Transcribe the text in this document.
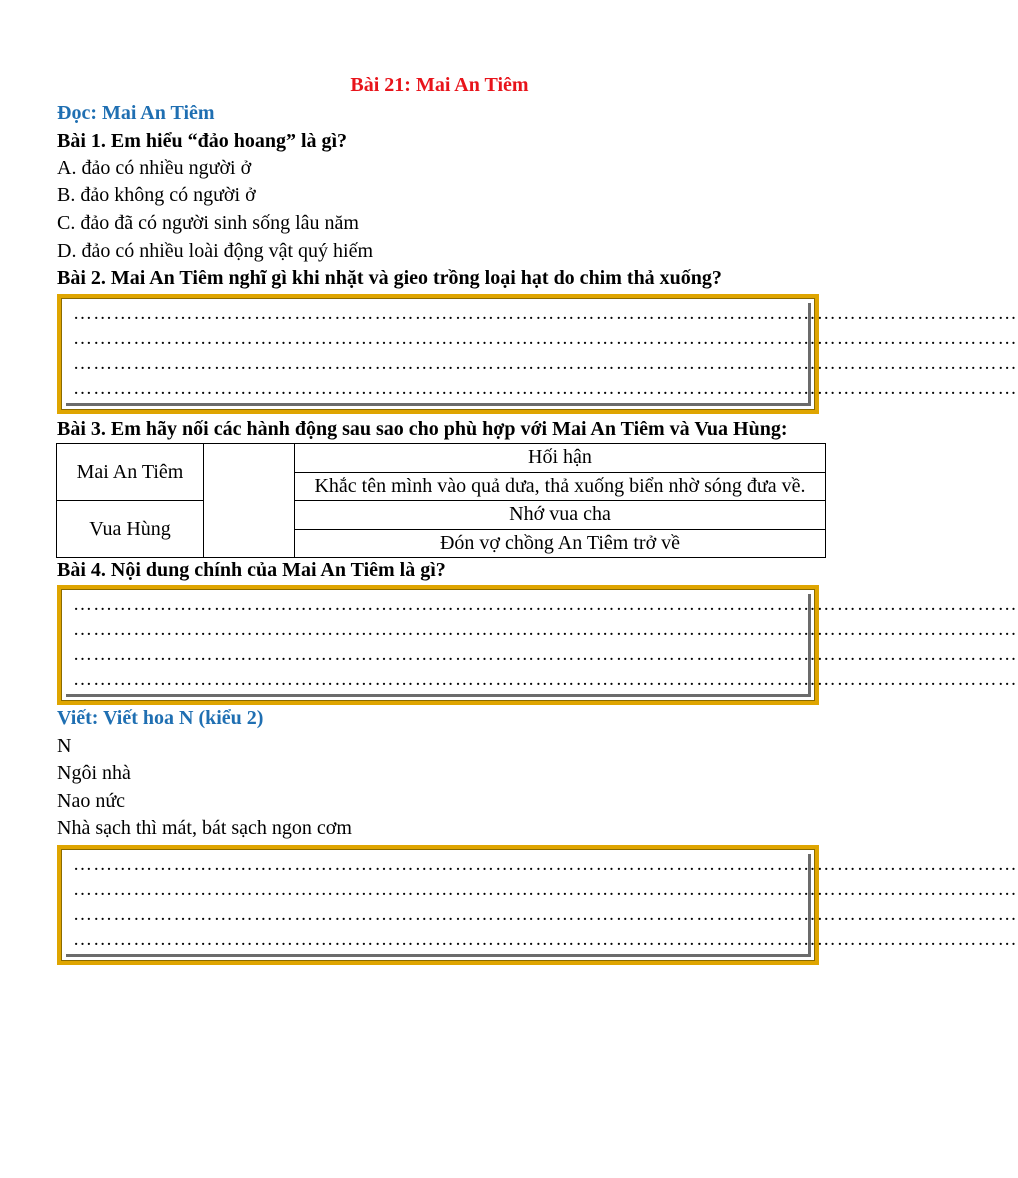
Bài 21: Mai An Tiêm
Đọc: Mai An Tiêm
Bài 1. Em hiểu “đảo hoang” là gì?
A. đảo có nhiều người ở
B. đảo không có người ở
C. đảo đã có người sinh sống lâu năm
D. đảo có nhiều loài động vật quý hiếm
Bài 2. Mai An Tiêm nghĩ gì khi nhặt và gieo trồng loại hạt do chim thả xuống?
……………………………………………………………………………………………………………………………
……………………………………………………………………………………………………………………………
……………………………………………………………………………………………………………………………
……………………………………………………………………………………………………………………………
Bài 3. Em hãy nối các hành động sau sao cho phù hợp với Mai An Tiêm và Vua Hùng:
Mai An Tiêm		Hối hận
		Khắc tên mình vào quả dưa, thả xuống biển nhờ sóng đưa về.
Vua Hùng		Nhớ vua cha
		Đón vợ chồng An Tiêm trở về
Bài 4. Nội dung chính của Mai An Tiêm là gì?
……………………………………………………………………………………………………………………………
……………………………………………………………………………………………………………………………
……………………………………………………………………………………………………………………………
……………………………………………………………………………………………………………………………
Viết: Viết hoa N (kiểu 2)
N
Ngôi nhà
Nao nức
Nhà sạch thì mát, bát sạch ngon cơm
……………………………………………………………………………………………………………………………
……………………………………………………………………………………………………………………………
……………………………………………………………………………………………………………………………
……………………………………………………………………………………………………………………………
